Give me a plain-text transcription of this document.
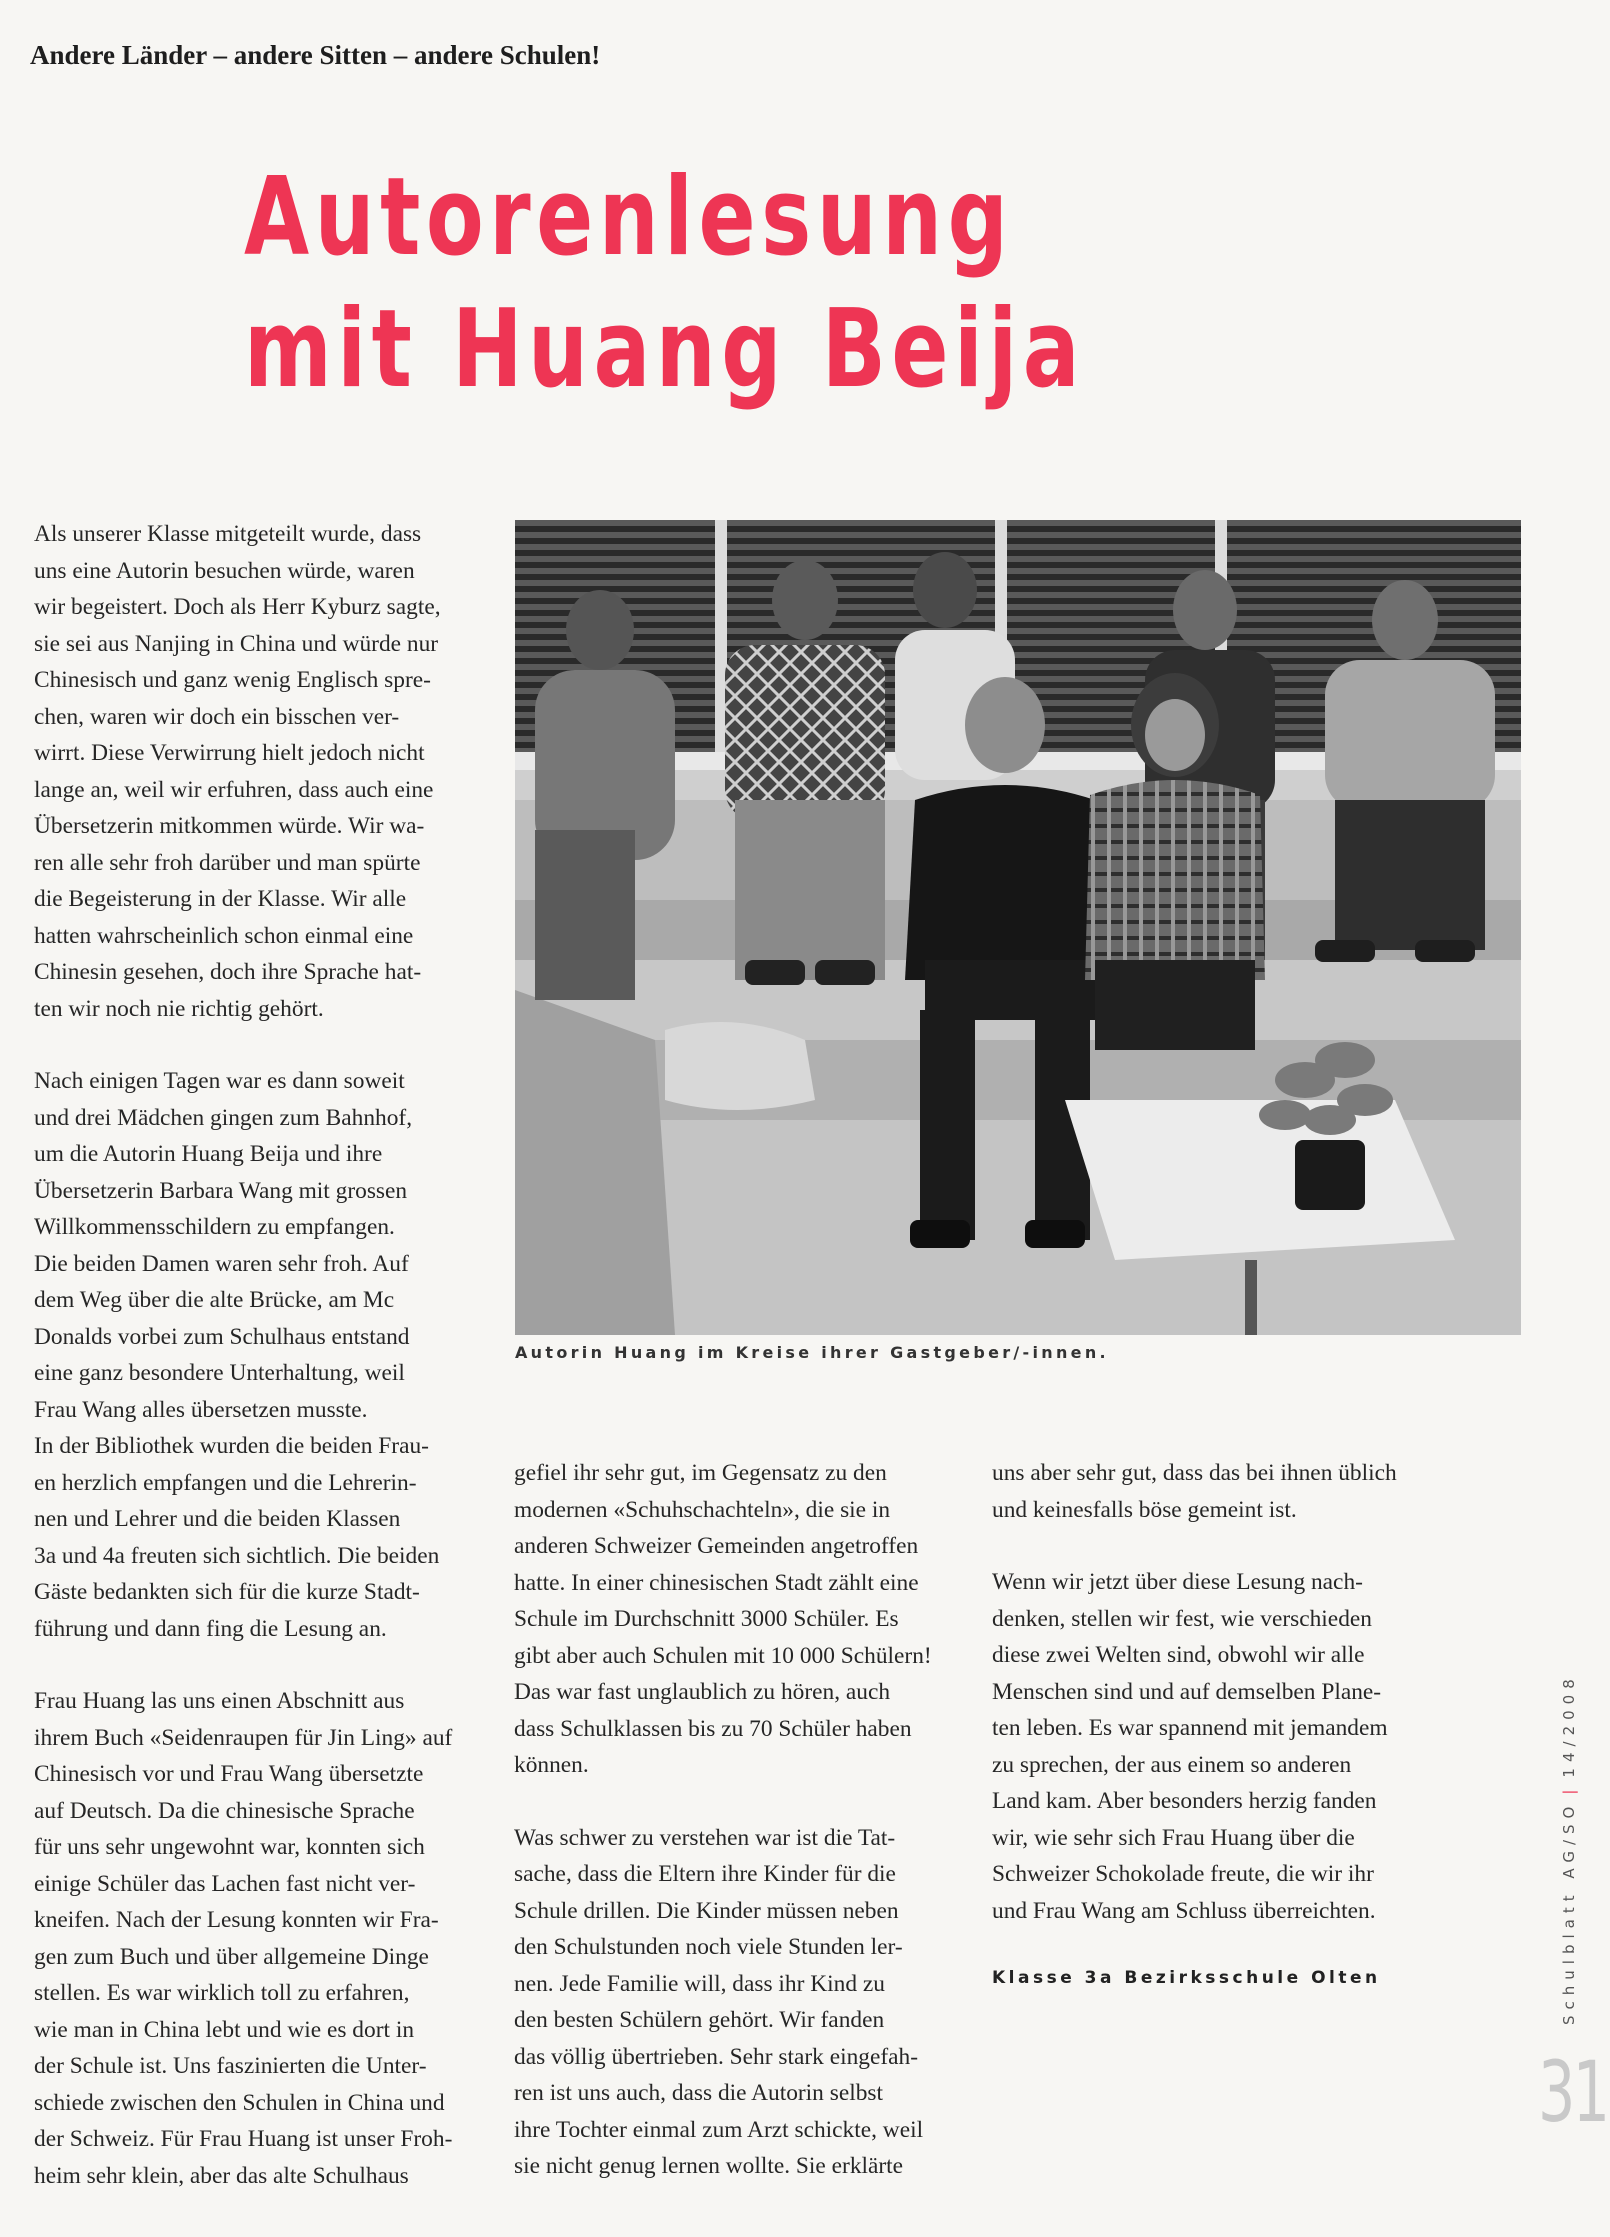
Andere Länder – andere Sitten – andere Schulen!
Autorenlesung
mit Huang Beija

Als unserer Klasse mitgeteilt wurde, dass
uns eine Autorin besuchen würde, waren
wir begeistert. Doch als Herr Kyburz sagte,
sie sei aus Nanjing in China und würde nur
Chinesisch und ganz wenig Englisch spre-
chen, waren wir doch ein bisschen ver-
wirrt. Diese Verwirrung hielt jedoch nicht
lange an, weil wir erfuhren, dass auch eine
Übersetzerin mitkommen würde. Wir wa-
ren alle sehr froh darüber und man spürte
die Begeisterung in der Klasse. Wir alle
hatten wahrscheinlich schon einmal eine
Chinesin gesehen, doch ihre Sprache hat-
ten wir noch nie richtig gehört.

Nach einigen Tagen war es dann soweit
und drei Mädchen gingen zum Bahnhof,
um die Autorin Huang Beija und ihre
Übersetzerin Barbara Wang mit grossen
Willkommensschildern zu empfangen.
Die beiden Damen waren sehr froh. Auf
dem Weg über die alte Brücke, am Mc
Donalds vorbei zum Schulhaus entstand
eine ganz besondere Unterhaltung, weil
Frau Wang alles übersetzen musste.
In der Bibliothek wurden die beiden Frau-
en herzlich empfangen und die Lehrerin-
nen und Lehrer und die beiden Klassen
3a und 4a freuten sich sichtlich. Die beiden
Gäste bedankten sich für die kurze Stadt-
führung und dann fing die Lesung an.

Frau Huang las uns einen Abschnitt aus
ihrem Buch «Seidenraupen für Jin Ling» auf
Chinesisch vor und Frau Wang übersetzte
auf Deutsch. Da die chinesische Sprache
für uns sehr ungewohnt war, konnten sich
einige Schüler das Lachen fast nicht ver-
kneifen. Nach der Lesung konnten wir Fra-
gen zum Buch und über allgemeine Dinge
stellen. Es war wirklich toll zu erfahren,
wie man in China lebt und wie es dort in
der Schule ist. Uns faszinierten die Unter-
schiede zwischen den Schulen in China und
der Schweiz. Für Frau Huang ist unser Froh-
heim sehr klein, aber das alte Schulhaus

Autorin Huang im Kreise ihrer Gastgeber/-innen.

gefiel ihr sehr gut, im Gegensatz zu den
modernen «Schuhschachteln», die sie in
anderen Schweizer Gemeinden angetroffen
hatte. In einer chinesischen Stadt zählt eine
Schule im Durchschnitt 3000 Schüler. Es
gibt aber auch Schulen mit 10 000 Schülern!
Das war fast unglaublich zu hören, auch
dass Schulklassen bis zu 70 Schüler haben
können.

Was schwer zu verstehen war ist die Tat-
sache, dass die Eltern ihre Kinder für die
Schule drillen. Die Kinder müssen neben
den Schulstunden noch viele Stunden ler-
nen. Jede Familie will, dass ihr Kind zu
den besten Schülern gehört. Wir fanden
das völlig übertrieben. Sehr stark eingefah-
ren ist uns auch, dass die Autorin selbst
ihre Tochter einmal zum Arzt schickte, weil
sie nicht genug lernen wollte. Sie erklärte

uns aber sehr gut, dass das bei ihnen üblich
und keinesfalls böse gemeint ist.

Wenn wir jetzt über diese Lesung nach-
denken, stellen wir fest, wie verschieden
diese zwei Welten sind, obwohl wir alle
Menschen sind und auf demselben Plane-
ten leben. Es war spannend mit jemandem
zu sprechen, der aus einem so anderen
Land kam. Aber besonders herzig fanden
wir, wie sehr sich Frau Huang über die
Schweizer Schokolade freute, die wir ihr
und Frau Wang am Schluss überreichten.

Klasse 3a Bezirksschule Olten	Schulblatt AG/SO|14/2008
31
